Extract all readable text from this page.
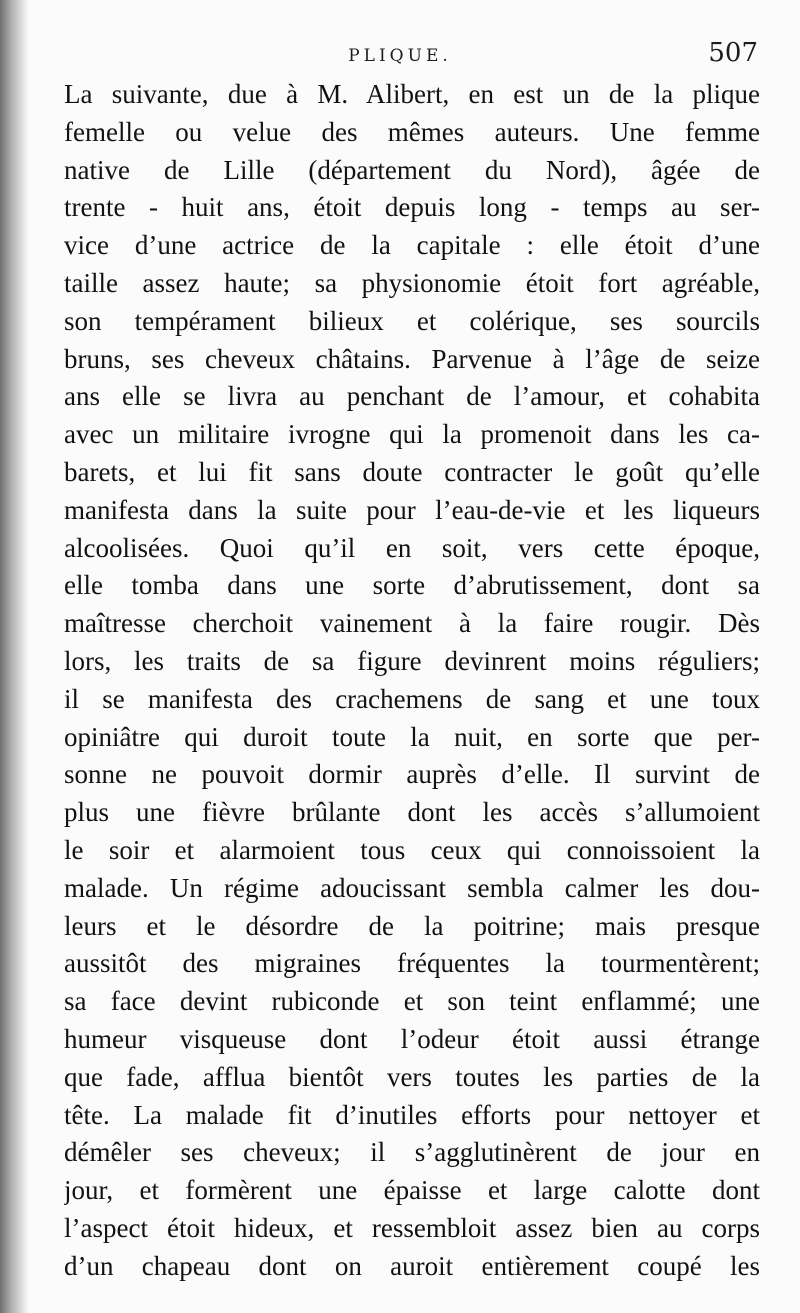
PLIQUE.	507
La suivante, due à M. Alibert, en est un de la plique
femelle ou velue des mêmes auteurs. Une femme
native de Lille (département du Nord), âgée de
trente - huit ans, étoit depuis long - temps au ser-
vice d’une actrice de la capitale : elle étoit d’une
taille assez haute; sa physionomie étoit fort agréable,
son tempérament bilieux et colérique, ses sourcils
bruns, ses cheveux châtains. Parvenue à l’âge de seize
ans elle se livra au penchant de l’amour, et cohabita
avec un militaire ivrogne qui la promenoit dans les ca-
barets, et lui fit sans doute contracter le goût qu’elle
manifesta dans la suite pour l’eau-de-vie et les liqueurs
alcoolisées. Quoi qu’il en soit, vers cette époque,
elle tomba dans une sorte d’abrutissement, dont sa
maîtresse cherchoit vainement à la faire rougir. Dès
lors, les traits de sa figure devinrent moins réguliers;
il se manifesta des crachemens de sang et une toux
opiniâtre qui duroit toute la nuit, en sorte que per-
sonne ne pouvoit dormir auprès d’elle. Il survint de
plus une fièvre brûlante dont les accès s’allumoient
le soir et alarmoient tous ceux qui connoissoient la
malade. Un régime adoucissant sembla calmer les dou-
leurs et le désordre de la poitrine; mais presque
aussitôt des migraines fréquentes la tourmentèrent;
sa face devint rubiconde et son teint enflammé; une
humeur visqueuse dont l’odeur étoit aussi étrange
que fade, afflua bientôt vers toutes les parties de la
tête. La malade fit d’inutiles efforts pour nettoyer et
démêler ses cheveux; il s’agglutinèrent de jour en
jour, et formèrent une épaisse et large calotte dont
l’aspect étoit hideux, et ressembloit assez bien au corps
d’un chapeau dont on auroit entièrement coupé les
